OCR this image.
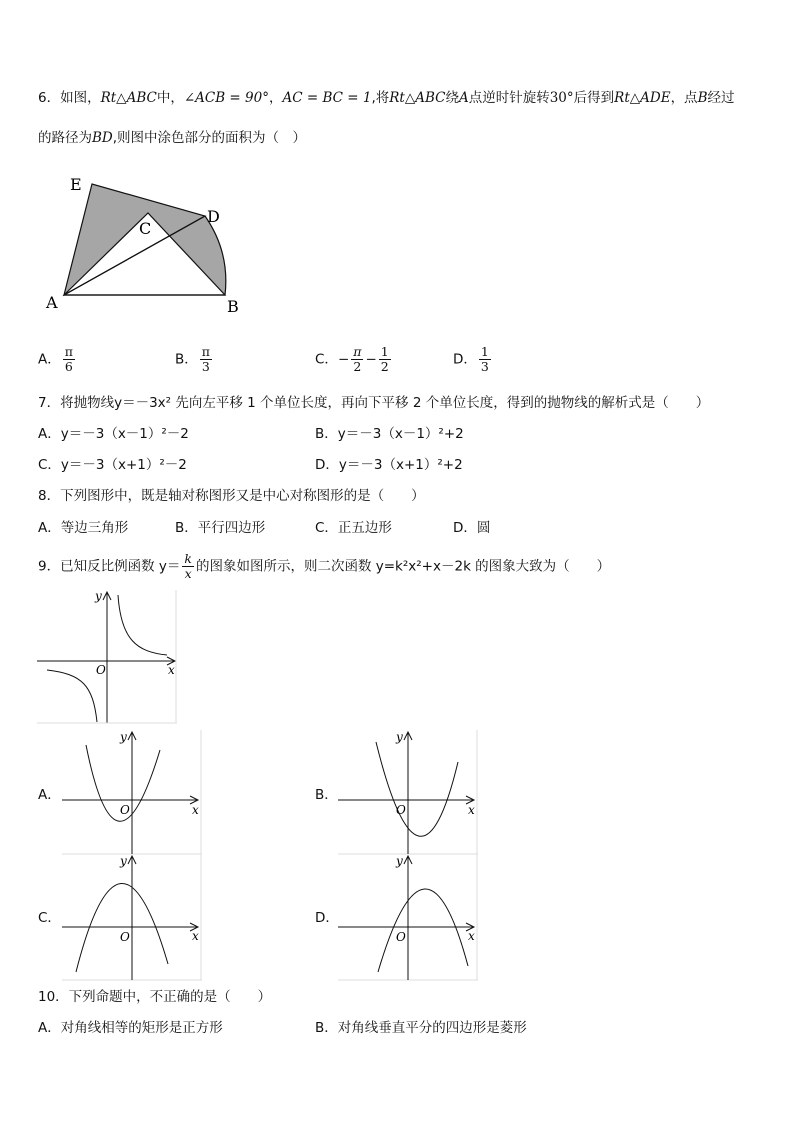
6．如图，Rt△ABC中，∠ACB = 90°，AC = BC = 1,将Rt△ABC绕A点逆时针旋转30°后得到Rt△ADE，点B经过
的路径为BD,则图中涂色部分的面积为（　）
E
D
C
A	B
A． $\frac{\pi}{6}$	B． $\frac{\pi}{3}$	C．− $\frac{\pi}{2} - \frac{1}{2}$	D． $\frac{1}{3}$
7．将抛物线y＝－3x² 先向左平移 1 个单位长度，再向下平移 2 个单位长度，得到的抛物线的解析式是（　　）
A．y＝－3（x－1）²－2	B．y＝－3（x－1）²+2
C．y＝－3（x+1）²－2	D．y＝－3（x+1）²+2
8．下列图形中，既是轴对称图形又是中心对称图形的是（　　）
A．等边三角形	B．平行四边形	C．正五边形	D．圆
9．已知反比例函数 $y= \frac{k}{x}$ 的图象如图所示，则二次函数 y=k²x²+x－2k 的图象大致为（　　）
y
x
O
A．
y
x
O
B．
y
x
O
C．
y
x
O
D．
y
x
O
10．下列命题中，不正确的是（　　）
A．对角线相等的矩形是正方形	B．对角线垂直平分的四边形是菱形
